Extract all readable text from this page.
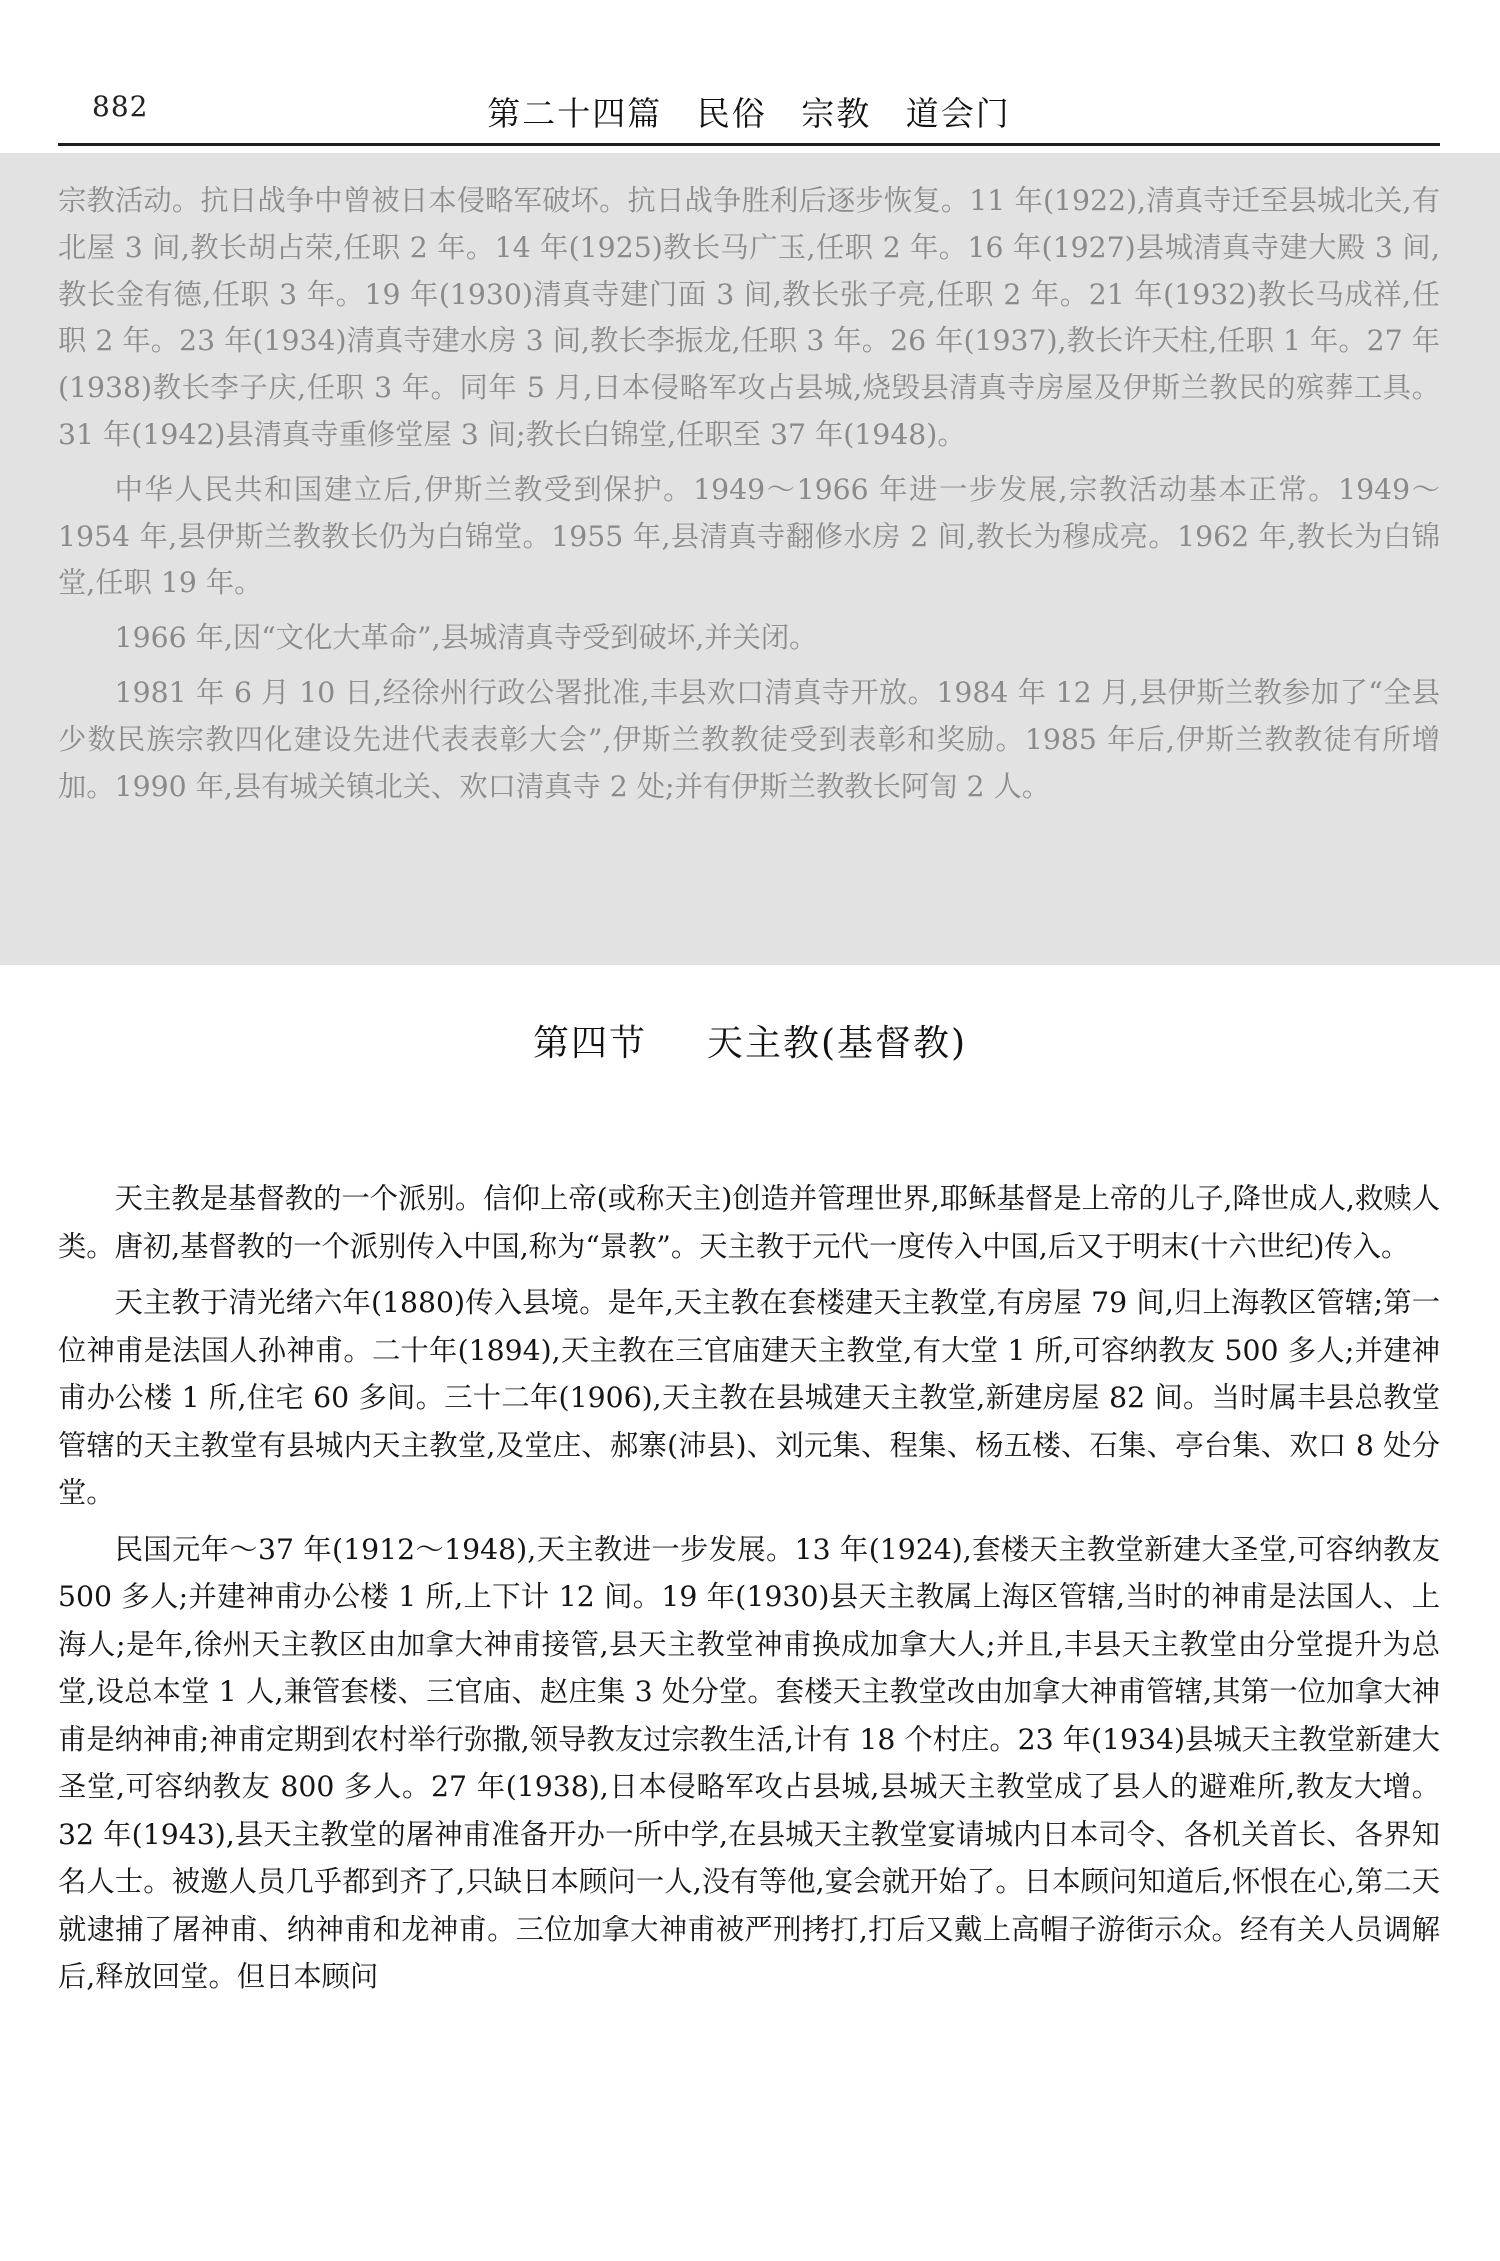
882	第二十四篇 民俗 宗教 道会门

宗教活动。抗日战争中曾被日本侵略军破坏。抗日战争胜利后逐步恢复。11 年(1922),清真寺迁至县城北关,有北屋 3 间,教长胡占荣,任职 2 年。14 年(1925)教长马广玉,任职 2 年。16 年(1927)县城清真寺建大殿 3 间,教长金有德,任职 3 年。19 年(1930)清真寺建门面 3 间,教长张子亮,任职 2 年。21 年(1932)教长马成祥,任职 2 年。23 年(1934)清真寺建水房 3 间,教长李振龙,任职 3 年。26 年(1937),教长许天柱,任职 1 年。27 年(1938)教长李子庆,任职 3 年。同年 5 月,日本侵略军攻占县城,烧毁县清真寺房屋及伊斯兰教民的殡葬工具。31 年(1942)县清真寺重修堂屋 3 间;教长白锦堂,任职至 37 年(1948)。

中华人民共和国建立后,伊斯兰教受到保护。1949～1966 年进一步发展,宗教活动基本正常。1949～1954 年,县伊斯兰教教长仍为白锦堂。1955 年,县清真寺翻修水房 2 间,教长为穆成亮。1962 年,教长为白锦堂,任职 19 年。

1966 年,因“文化大革命”,县城清真寺受到破坏,并关闭。

1981 年 6 月 10 日,经徐州行政公署批准,丰县欢口清真寺开放。1984 年 12 月,县伊斯兰教参加了“全县少数民族宗教四化建设先进代表表彰大会”,伊斯兰教教徒受到表彰和奖励。1985 年后,伊斯兰教教徒有所增加。1990 年,县有城关镇北关、欢口清真寺 2 处;并有伊斯兰教教长阿訇 2 人。

第四节 天主教(基督教)

天主教是基督教的一个派别。信仰上帝(或称天主)创造并管理世界,耶稣基督是上帝的儿子,降世成人,救赎人类。唐初,基督教的一个派别传入中国,称为“景教”。天主教于元代一度传入中国,后又于明末(十六世纪)传入。

天主教于清光绪六年(1880)传入县境。是年,天主教在套楼建天主教堂,有房屋 79 间,归上海教区管辖;第一位神甫是法国人孙神甫。二十年(1894),天主教在三官庙建天主教堂,有大堂 1 所,可容纳教友 500 多人;并建神甫办公楼 1 所,住宅 60 多间。三十二年(1906),天主教在县城建天主教堂,新建房屋 82 间。当时属丰县总教堂管辖的天主教堂有县城内天主教堂,及堂庄、郝寨(沛县)、刘元集、程集、杨五楼、石集、亭台集、欢口 8 处分堂。

民国元年～37 年(1912～1948),天主教进一步发展。13 年(1924),套楼天主教堂新建大圣堂,可容纳教友 500 多人;并建神甫办公楼 1 所,上下计 12 间。19 年(1930)县天主教属上海区管辖,当时的神甫是法国人、上海人;是年,徐州天主教区由加拿大神甫接管,县天主教堂神甫换成加拿大人;并且,丰县天主教堂由分堂提升为总堂,设总本堂 1 人,兼管套楼、三官庙、赵庄集 3 处分堂。套楼天主教堂改由加拿大神甫管辖,其第一位加拿大神甫是纳神甫;神甫定期到农村举行弥撒,领导教友过宗教生活,计有 18 个村庄。23 年(1934)县城天主教堂新建大圣堂,可容纳教友 800 多人。27 年(1938),日本侵略军攻占县城,县城天主教堂成了县人的避难所,教友大增。32 年(1943),县天主教堂的屠神甫准备开办一所中学,在县城天主教堂宴请城内日本司令、各机关首长、各界知名人士。被邀人员几乎都到齐了,只缺日本顾问一人,没有等他,宴会就开始了。日本顾问知道后,怀恨在心,第二天就逮捕了屠神甫、纳神甫和龙神甫。三位加拿大神甫被严刑拷打,打后又戴上高帽子游街示众。经有关人员调解后,释放回堂。但日本顾问
